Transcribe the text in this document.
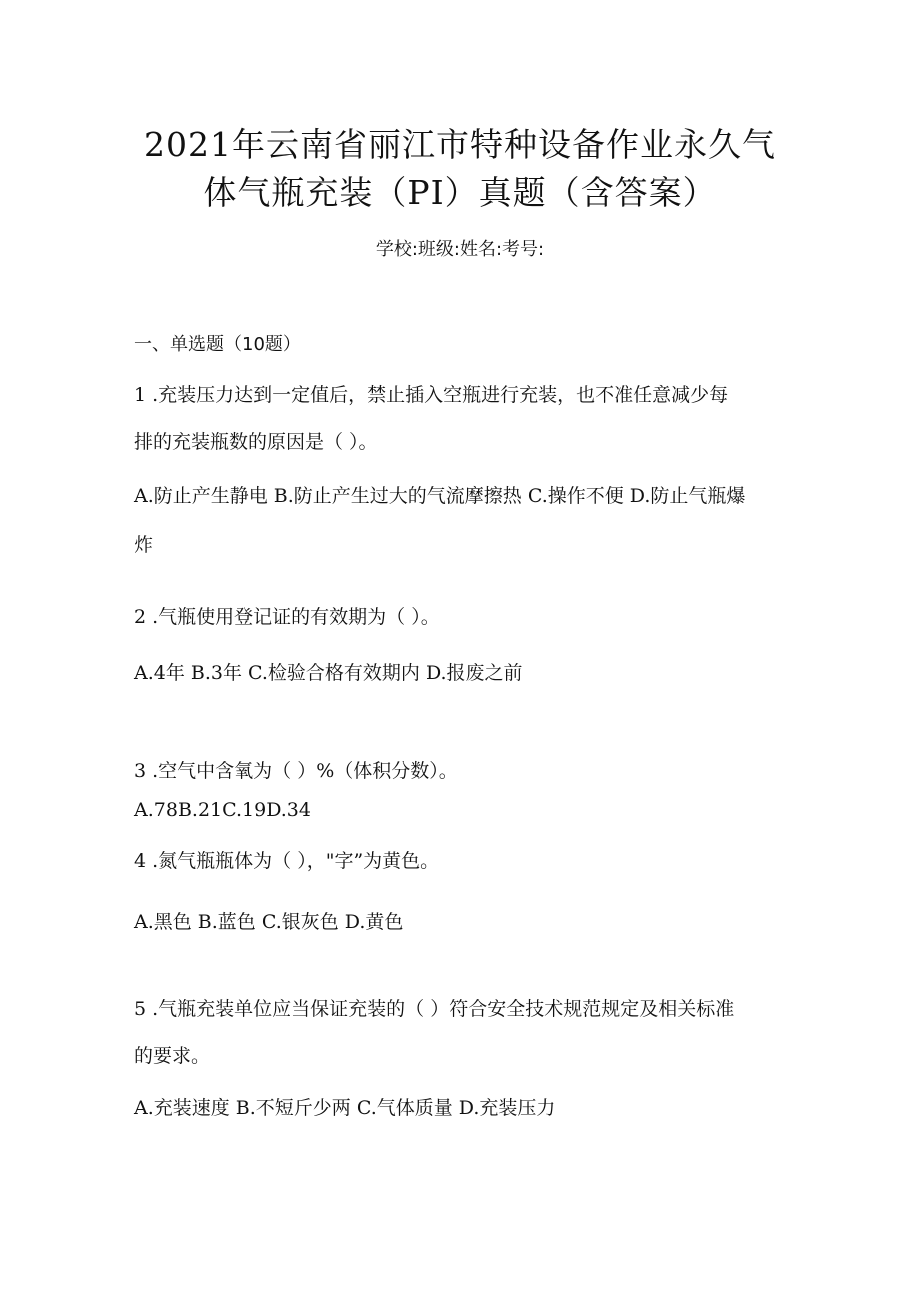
2021年云南省丽江市特种设备作业永久气
体气瓶充装（PI）真题（含答案）
学校:班级:姓名:考号:
一、单选题（10题）
1 .充装压力达到一定值后，禁止插入空瓶进行充装，也不准任意减少每
排的充装瓶数的原因是（ ）。
A.防止产生静电 B.防止产生过大的气流摩擦热 C.操作不便 D.防止气瓶爆
炸
2 .气瓶使用登记证的有效期为（ ）。
A.4年 B.3年 C.检验合格有效期内 D.报废之前
3 .空气中含氧为（ ）%（体积分数）。
A.78B.21C.19D.34
4 .氮气瓶瓶体为（ ），"字”为黄色。
A.黑色 B.蓝色 C.银灰色 D.黄色
5 .气瓶充装单位应当保证充装的（ ）符合安全技术规范规定及相关标准
的要求。
A.充装速度 B.不短斤少两 C.气体质量 D.充装压力
